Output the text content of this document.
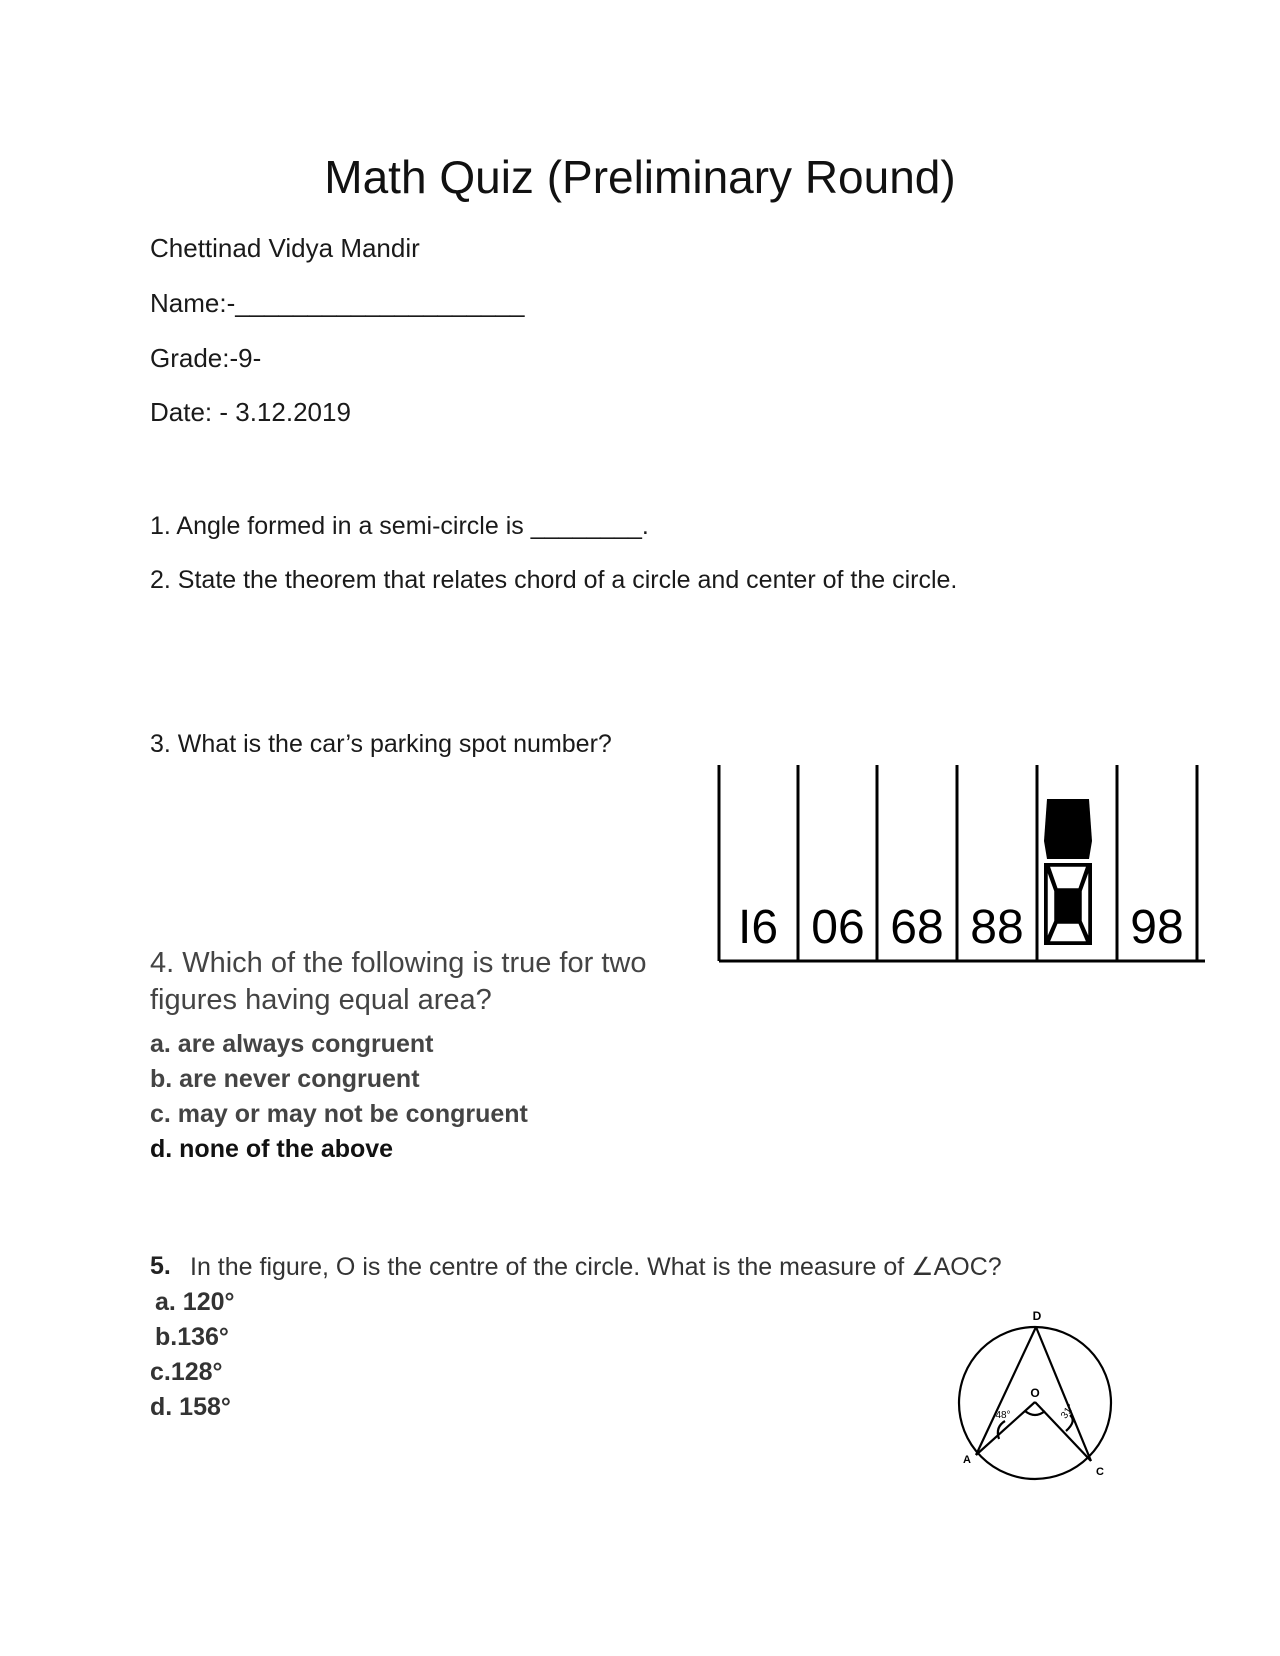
Math Quiz (Preliminary Round)
Chettinad Vidya Mandir
Name:-____________________
Grade:-9-
Date: - 3.12.2019
1. Angle formed in a semi-circle is ________.
2. State the theorem that relates chord of a circle and center of the circle.
3. What is the car’s parking spot number?
I6 06 68 88 98
4. Which of the following is true for two figures having equal area?
a. are always congruent
b. are never congruent
c. may or may not be congruent
d. none of the above
5. In the figure, O is the centre of the circle. What is the measure of ∠AOC?
a. 120°
b.136°
c.128°
d. 158°
D
O
A
C
48°	31°
